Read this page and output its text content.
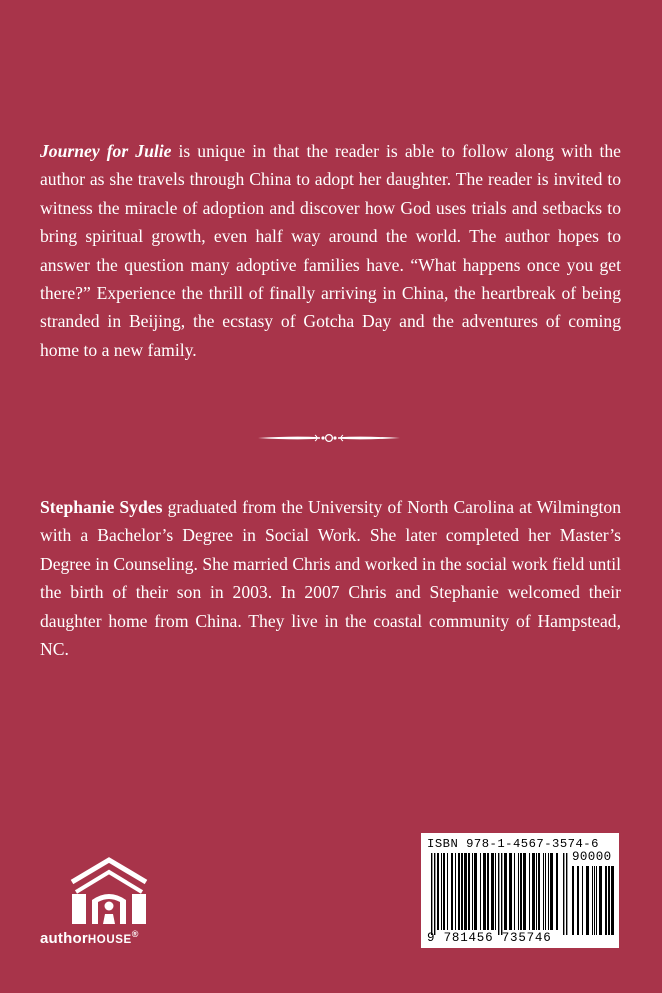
Journey for Julie is unique in that the reader is able to follow along with the author as she travels through China to adopt her daughter. The reader is invited to witness the miracle of adoption and discover how God uses trials and setbacks to bring spiritual growth, even half way around the world. The author hopes to answer the question many adoptive families have. “What happens once you get there?” Experience the thrill of finally arriving in China, the heartbreak of being stranded in Beijing, the ecstasy of Gotcha Day and the adventures of coming home to a new family.

Stephanie Sydes graduated from the University of North Carolina at Wilmington with a Bachelor’s Degree in Social Work. She later completed her Master’s Degree in Counseling. She married Chris and worked in the social work field until the birth of their son in 2003. In 2007 Chris and Stephanie welcomed their daughter home from China. They live in the coastal community of Hampstead, NC.

authorHOUSE®
ISBN 978-1-4567-3574-6
90000
9 781456 735746
